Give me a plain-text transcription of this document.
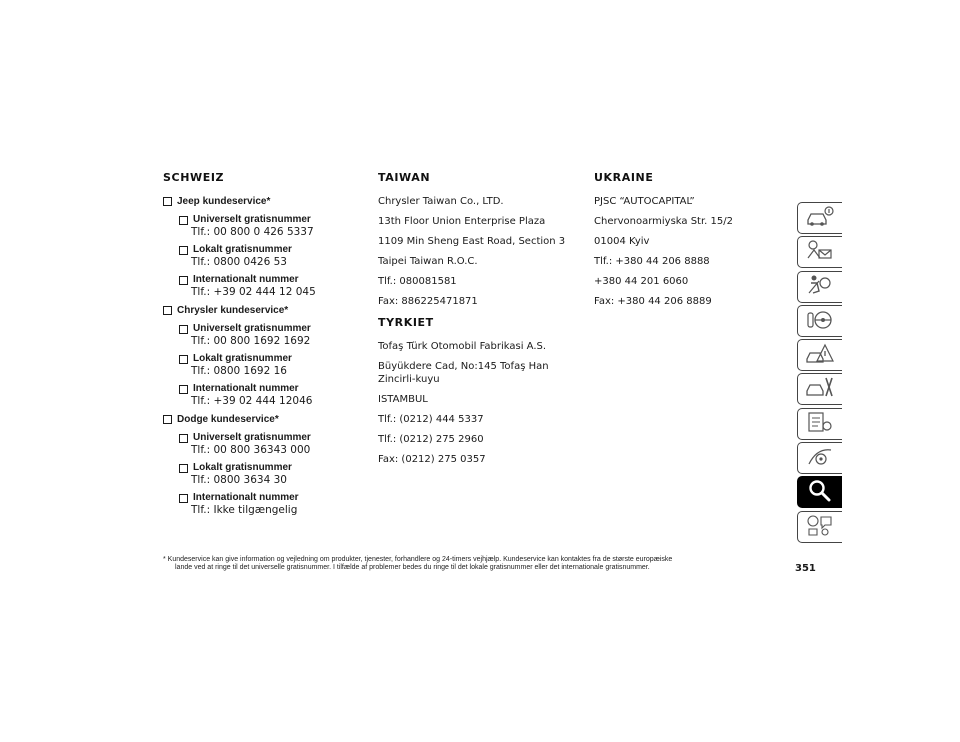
SCHWEIZ
Jeep kundeservice*
Universelt gratisnummer
Tlf.: 00 800 0 426 5337
Lokalt gratisnummer
Tlf.: 0800 0426 53
Internationalt nummer
Tlf.: +39 02 444 12 045
Chrysler kundeservice*
Universelt gratisnummer
Tlf.: 00 800 1692 1692
Lokalt gratisnummer
Tlf.: 0800 1692 16
Internationalt nummer
Tlf.: +39 02 444 12046
Dodge kundeservice*
Universelt gratisnummer
Tlf.: 00 800 36343 000
Lokalt gratisnummer
Tlf.: 0800 3634 30
Internationalt nummer
Tlf.: Ikke tilgængelig
TAIWAN
Chrysler Taiwan Co., LTD.
13th Floor Union Enterprise Plaza
1109 Min Sheng East Road, Section 3
Taipei Taiwan R.O.C.
Tlf.: 080081581
Fax: 886225471871
TYRKIET
Tofaş Türk Otomobil Fabrikasi A.S.
Büyükdere Cad, No:145 Tofaş Han Zincirli-kuyu
ISTAMBUL
Tlf.: (0212) 444 5337
Tlf.: (0212) 275 2960
Fax: (0212) 275 0357
UKRAINE
PJSC “AUTOCAPITAL”
Chervonoarmiyska Str. 15/2
01004 Kyiv
Tlf.: +380 44 206 8888
+380 44 201 6060
Fax: +380 44 206 8889
* Kundeservice kan give information og vejledning om produkter, tjenester, forhandlere og 24-timers vejhjælp. Kundeservice kan kontaktes fra de største europæiske
lande ved at ringe til det universelle gratisnummer. I tilfælde af problemer bedes du ringe til det lokale gratisnummer eller det internationale gratisnummer.	351
